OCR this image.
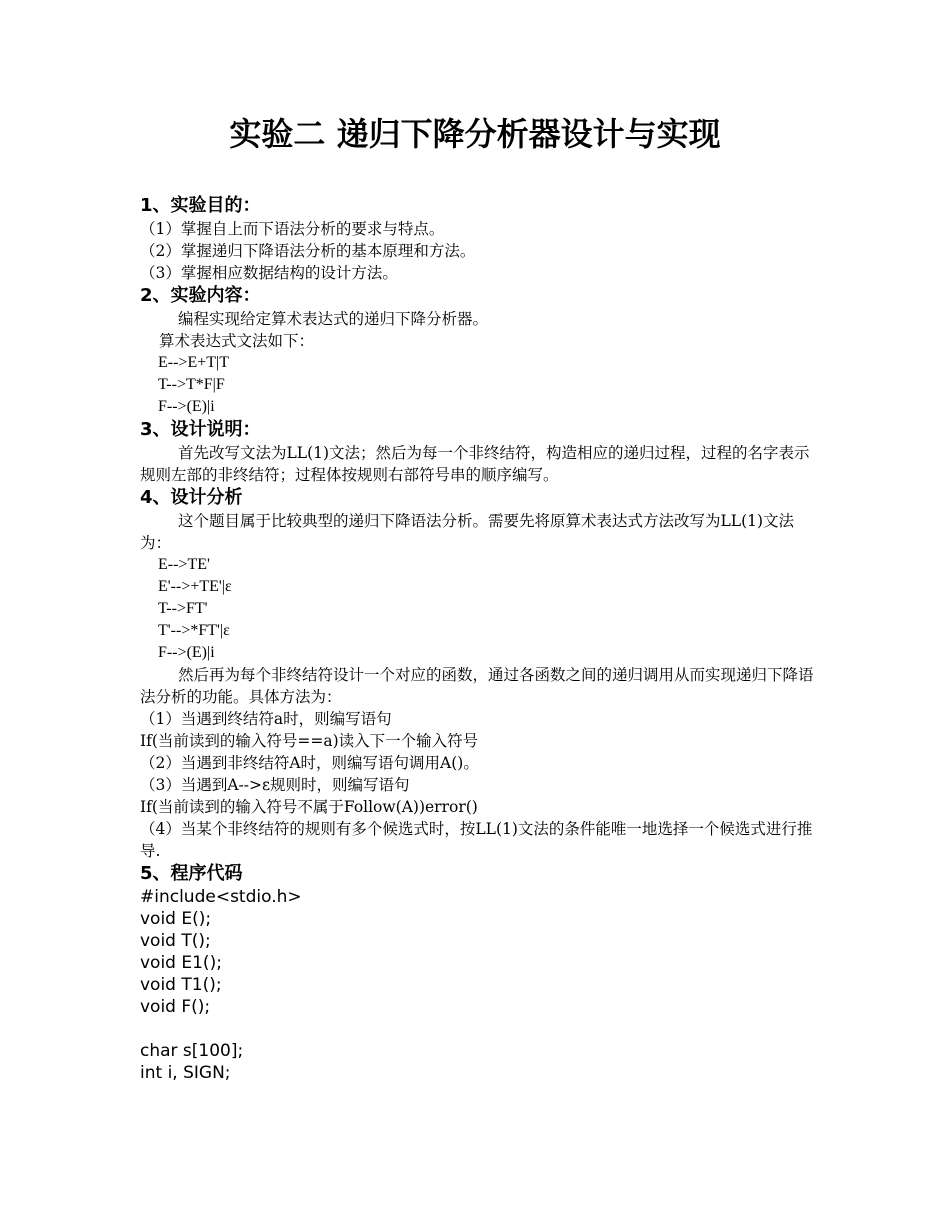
实验二 递归下降分析器设计与实现
1、实验目的：
（1）掌握自上而下语法分析的要求与特点。
（2）掌握递归下降语法分析的基本原理和方法。
（3）掌握相应数据结构的设计方法。
2、实验内容：
编程实现给定算术表达式的递归下降分析器。
算术表达式文法如下：
E-->E+T|T
T-->T*F|F
F-->(E)|i
3、设计说明：
首先改写文法为LL(1)文法；然后为每一个非终结符，构造相应的递归过程，过程的名字表示规则左部的非终结符；过程体按规则右部符号串的顺序编写。
4、设计分析
这个题目属于比较典型的递归下降语法分析。需要先将原算术表达式方法改写为LL(1)文法为：
E-->TE'
E'-->+TE'|ε
T-->FT'
T'-->*FT'|ε
F-->(E)|i
然后再为每个非终结符设计一个对应的函数，通过各函数之间的递归调用从而实现递归下降语法分析的功能。具体方法为：
（1）当遇到终结符a时，则编写语句
If(当前读到的输入符号==a)读入下一个输入符号
（2）当遇到非终结符A时，则编写语句调用A()。
（3）当遇到A-->ε规则时，则编写语句
If(当前读到的输入符号不属于Follow(A))error()
（4）当某个非终结符的规则有多个候选式时，按LL(1)文法的条件能唯一地选择一个候选式进行推导.
5、程序代码
#include<stdio.h>
void E();
void T();
void E1();
void T1();
void F();
char s[100];
int i, SIGN;
